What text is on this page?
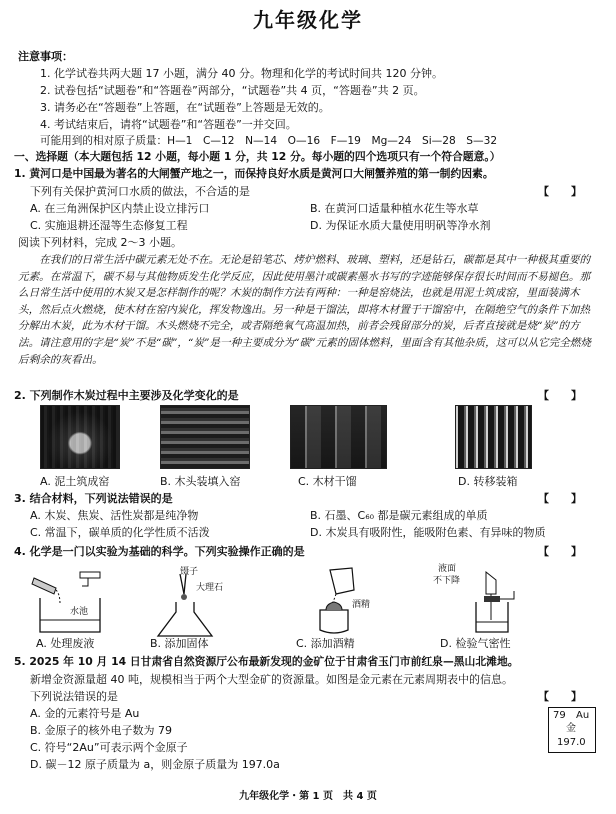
九年级化学
注意事项：
1. 化学试卷共两大题 17 小题，满分 40 分。物理和化学的考试时间共 120 分钟。
2. 试卷包括“试题卷”和“答题卷”两部分，“试题卷”共 4 页，“答题卷”共 2 页。
3. 请务必在“答题卷”上答题，在“试题卷”上答题是无效的。
4. 考试结束后，请将“试题卷”和“答题卷”一并交回。
可能用到的相对原子质量：H—1　C—12　N—14　O—16　F—19　Mg—24　Si—28　S—32
一、选择题（本大题包括 12 小题，每小题 1 分，共 12 分。每小题的四个选项只有一个符合题意。）
1. 黄河口是中国最为著名的大闸蟹产地之一，而保持良好水质是黄河口大闸蟹养殖的第一制约因素。
下列有关保护黄河口水质的做法，不合适的是	【　　】
A. 在三角洲保护区内禁止设立排污口	B. 在黄河口适量种植水花生等水草
C. 实施退耕还湿等生态修复工程	D. 为保证水质大量使用明矾等净水剂
阅读下列材料，完成 2～3 小题。
在我们的日常生活中碳元素无处不在。无论是铅笔芯、烤炉燃料、玻璃、塑料，还是钻石，碳都是其中一种极其重要的元素。在常温下，碳不易与其他物质发生化学反应，因此使用墨汁或碳素墨水书写的字迹能够保存很长时间而不易褪色。那么日常生活中使用的木炭又是怎样制作的呢？木炭的制作方法有两种：一种是窑烧法，也就是用泥土筑成窑，里面装满木头，然后点火燃烧，使木材在窑内炭化，挥发物逸出。另一种是干馏法，即将木材置于干馏窑中，在隔绝空气的条件下加热分解出木炭，此为木材干馏。木头燃烧不完全，或者隔绝氧气高温加热，前者会残留部分的炭，后者直接就是烧“炭”的方法。请注意用的字是“炭”不是“碳”，“炭”是一种主要成分为“碳”元素的固体燃料，里面含有其他杂质，这可以从它完全燃烧后剩余的灰看出。
2. 下列制作木炭过程中主要涉及化学变化的是	【　　】
A. 泥土筑成窑	B. 木头装填入窑	C. 木材干馏	D. 转移装箱
3. 结合材料，下列说法错误的是	【　　】
A. 木炭、焦炭、活性炭都是纯净物	B. 石墨、C₆₀ 都是碳元素组成的单质
C. 常温下，碳单质的化学性质不活泼	D. 木炭具有吸附性，能吸附色素、有异味的物质
4. 化学是一门以实验为基础的科学。下列实验操作正确的是	【　　】
水池
镊子
大理石
酒精
液面
不下降
A. 处理废液	B. 添加固体	C. 添加酒精	D. 检验气密性
5. 2025 年 10 月 14 日甘肃省自然资源厅公布最新发现的金矿位于甘肃省玉门市前红泉—黑山北滩地。
新增金资源量超 40 吨，规模相当于两个大型金矿的资源量。如图是金元素在元素周期表中的信息。
下列说法错误的是	【　　】
A. 金的元素符号是 Au
B. 金原子的核外电子数为 79
C. 符号“2Au”可表示两个金原子
D. 碳－12 原子质量为 a，则金原子质量为 197.0a
79 Au
金
197.0
九年级化学・第 1 页　共 4 页
